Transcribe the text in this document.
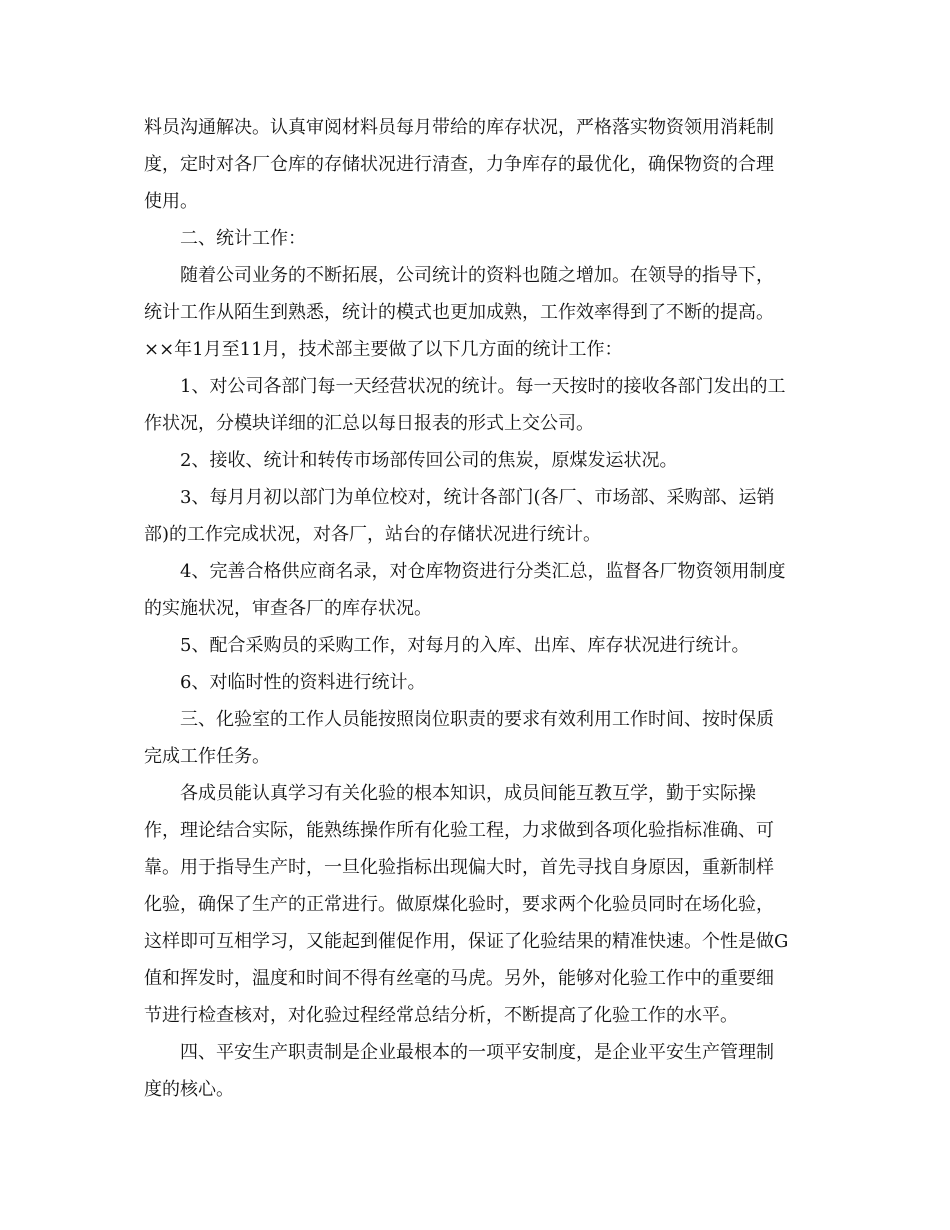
料员沟通解决。认真审阅材料员每月带给的库存状况，严格落实物资领用消耗制
度，定时对各厂仓库的存储状况进行清查，力争库存的最优化，确保物资的合理
使用。
二、统计工作：
随着公司业务的不断拓展，公司统计的资料也随之增加。在领导的指导下，
统计工作从陌生到熟悉，统计的模式也更加成熟，工作效率得到了不断的提高。
××年1月至11月，技术部主要做了以下几方面的统计工作：
1、对公司各部门每一天经营状况的统计。每一天按时的接收各部门发出的工
作状况，分模块详细的汇总以每日报表的形式上交公司。
2、接收、统计和转传市场部传回公司的焦炭，原煤发运状况。
3、每月月初以部门为单位校对，统计各部门(各厂、市场部、采购部、运销
部)的工作完成状况，对各厂，站台的存储状况进行统计。
4、完善合格供应商名录，对仓库物资进行分类汇总，监督各厂物资领用制度
的实施状况，审查各厂的库存状况。
5、配合采购员的采购工作，对每月的入库、出库、库存状况进行统计。
6、对临时性的资料进行统计。
三、化验室的工作人员能按照岗位职责的要求有效利用工作时间、按时保质
完成工作任务。
各成员能认真学习有关化验的根本知识，成员间能互教互学，勤于实际操
作，理论结合实际，能熟练操作所有化验工程，力求做到各项化验指标准确、可
靠。用于指导生产时，一旦化验指标出现偏大时，首先寻找自身原因，重新制样
化验，确保了生产的正常进行。做原煤化验时，要求两个化验员同时在场化验，
这样即可互相学习，又能起到催促作用，保证了化验结果的精准快速。个性是做G
值和挥发时，温度和时间不得有丝毫的马虎。另外，能够对化验工作中的重要细
节进行检查核对，对化验过程经常总结分析，不断提高了化验工作的水平。
四、平安生产职责制是企业最根本的一项平安制度，是企业平安生产管理制
度的核心。
